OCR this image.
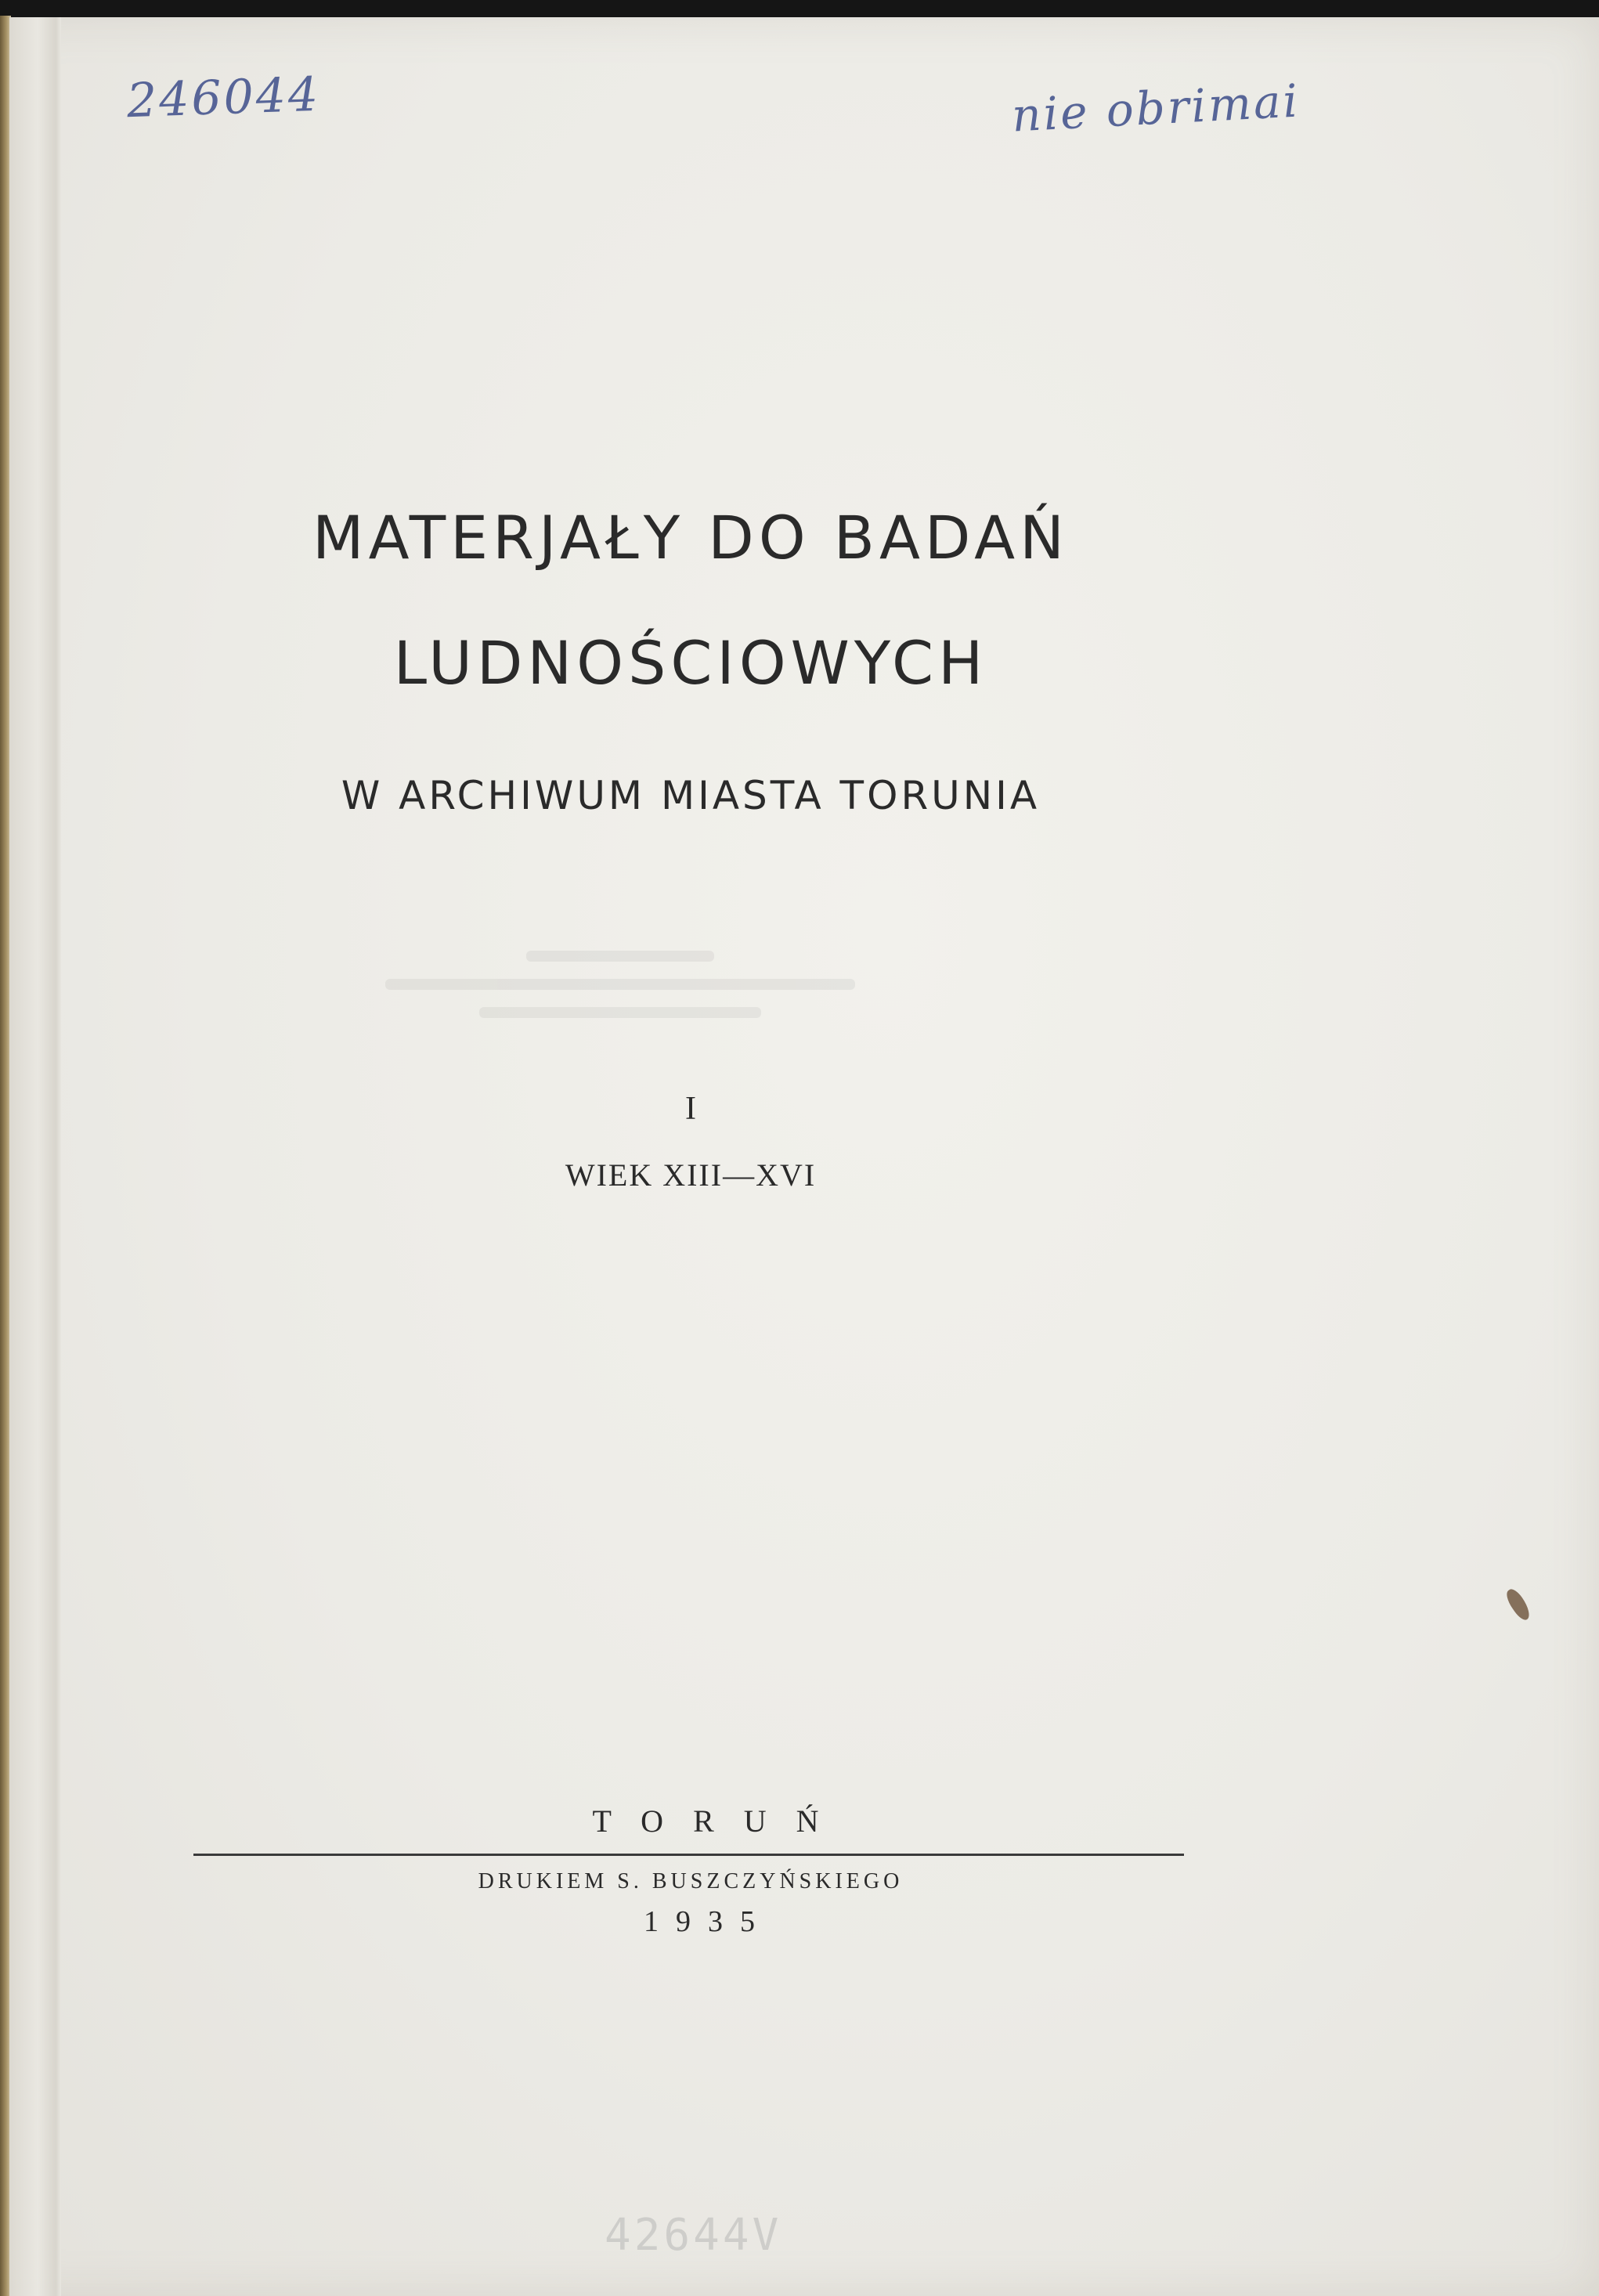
246044	nie obrimai
MATERJAŁY DO BADAŃ
LUDNOŚCIOWYCH
W ARCHIWUM MIASTA TORUNIA
I
WIEK XIII—XVI
TORUŃ
DRUKIEM S. BUSZCZYŃSKIEGO
1935
42644V
